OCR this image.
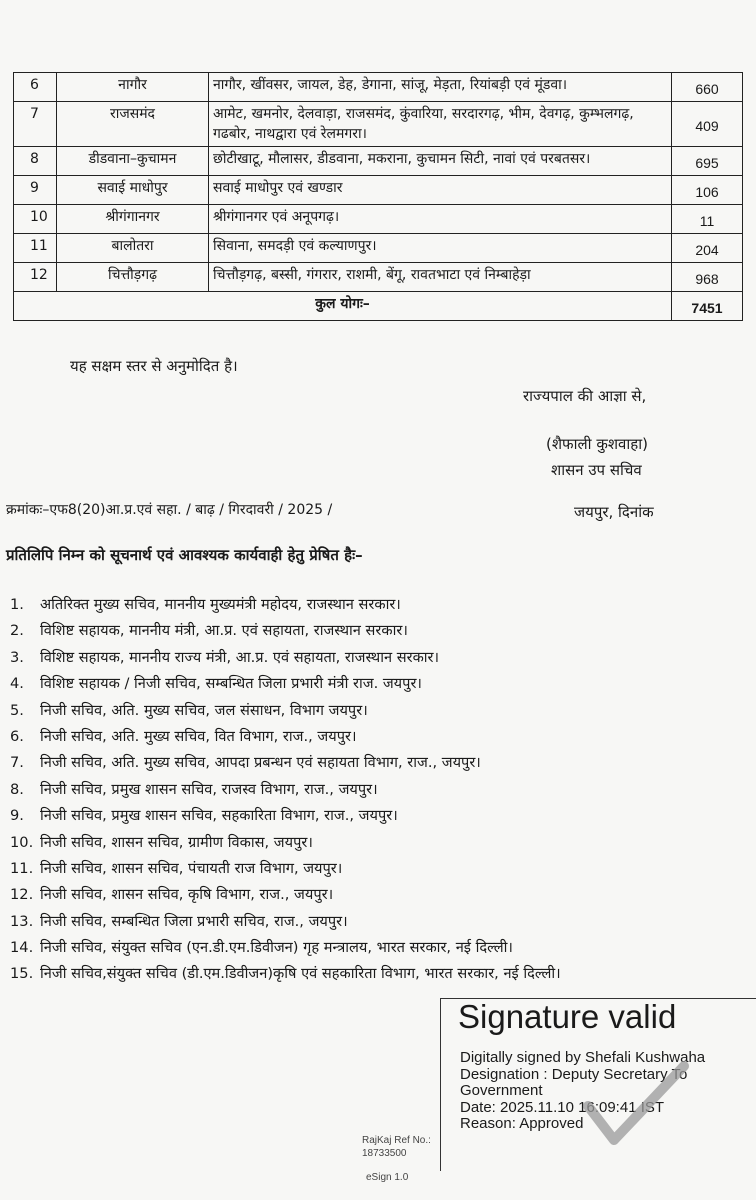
6	नागौर	नागौर, खींवसर, जायल, डेह, डेगाना, सांजू, मेड़ता, रियांबड़ी एवं मूंडवा।	660
7	राजसमंद	आमेट, खमनोर, देलवाड़ा, राजसमंद, कुंवारिया, सरदारगढ़, भीम, देवगढ़, कुम्भलगढ़, गढबोर, नाथद्वारा एवं रेलमगरा।	409
8	डीडवाना–कुचामन	छोटीखाटू, मौलासर, डीडवाना, मकराना, कुचामन सिटी, नावां एवं परबतसर।	695
9	सवाई माधोपुर	सवाई माधोपुर एवं खण्डार	106
10	श्रीगंगानगर	श्रीगंगानगर एवं अनूपगढ़।	11
11	बालोतरा	सिवाना, समदड़ी एवं कल्याणपुर।	204
12	चित्तौड़गढ़	चित्तौड़गढ़, बस्सी, गंगरार, राशमी, बेंगू, रावतभाटा एवं निम्बाहेड़ा	968
कुल योगः–			7451
यह सक्षम स्तर से अनुमोदित है।
राज्यपाल की आज्ञा से,
(शैफाली कुशवाहा)
शासन उप सचिव
क्रमांकः–एफ8(20)आ.प्र.एवं सहा. / बाढ़ / गिरदावरी / 2025 /	जयपुर, दिनांक
प्रतिलिपि निम्न को सूचनार्थ एवं आवश्यक कार्यवाही हेतु प्रेषित हैः–
1. अतिरिक्त मुख्य सचिव, माननीय मुख्यमंत्री महोदय, राजस्थान सरकार।
2. विशिष्ट सहायक, माननीय मंत्री, आ.प्र. एवं सहायता, राजस्थान सरकार।
3. विशिष्ट सहायक, माननीय राज्य मंत्री, आ.प्र. एवं सहायता, राजस्थान सरकार।
4. विशिष्ट सहायक / निजी सचिव, सम्बन्धित जिला प्रभारी मंत्री राज. जयपुर।
5. निजी सचिव, अति. मुख्य सचिव, जल संसाधन, विभाग जयपुर।
6. निजी सचिव, अति. मुख्य सचिव, वित विभाग, राज., जयपुर।
7. निजी सचिव, अति. मुख्य सचिव, आपदा प्रबन्धन एवं सहायता विभाग, राज., जयपुर।
8. निजी सचिव, प्रमुख शासन सचिव, राजस्व विभाग, राज., जयपुर।
9. निजी सचिव, प्रमुख शासन सचिव, सहकारिता विभाग, राज., जयपुर।
10. निजी सचिव, शासन सचिव, ग्रामीण विकास, जयपुर।
11. निजी सचिव, शासन सचिव, पंचायती राज विभाग, जयपुर।
12. निजी सचिव, शासन सचिव, कृषि विभाग, राज., जयपुर।
13. निजी सचिव, सम्बन्धित जिला प्रभारी सचिव, राज., जयपुर।
14. निजी सचिव, संयुक्त सचिव (एन.डी.एम.डिवीजन) गृह मन्त्रालय, भारत सरकार, नई दिल्ली।
15. निजी सचिव,संयुक्त सचिव (डी.एम.डिवीजन)कृषि एवं सहकारिता विभाग, भारत सरकार, नई दिल्ली।
Signature valid
Digitally signed by Shefali Kushwaha
Designation : Deputy Secretary To
Government
Date: 2025.11.10 16:09:41 IST
Reason: Approved
RajKaj Ref No.:
18733500
eSign 1.0
